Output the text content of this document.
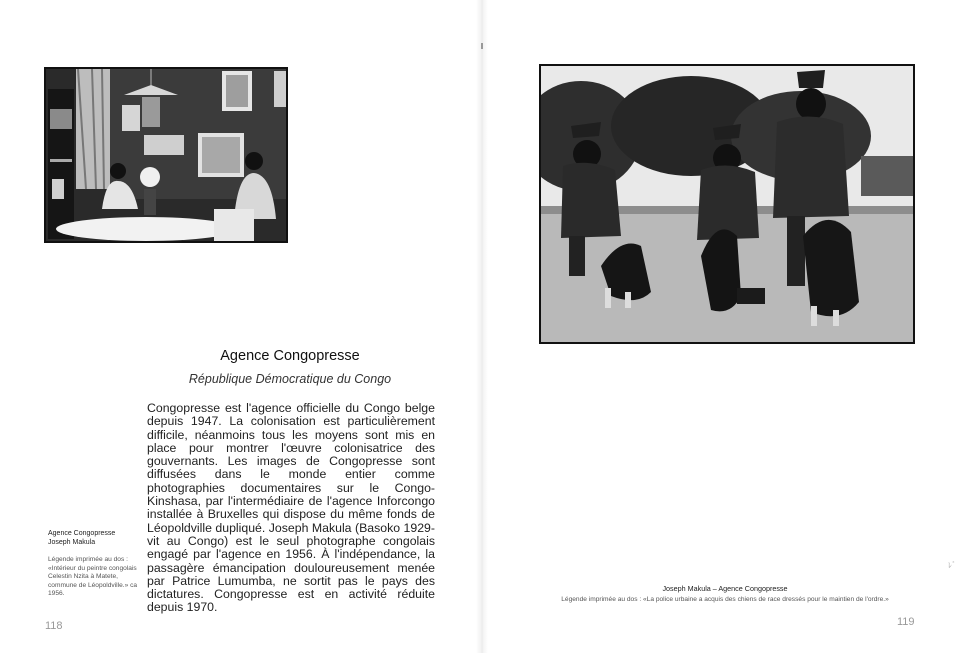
Agence Congopresse
République Démocratique du Congo

Congopresse est l'agence officielle du Congo belge depuis 1947. La colonisation est particulièrement difficile, néanmoins tous les moyens sont mis en place pour montrer l'œuvre colonisatrice des gouvernants. Les images de Congopresse sont diffusées dans le monde entier comme photographies documentaires sur le Congo-Kinshasa, par l'intermédiaire de l'agence Inforcongo installée à Bruxelles qui dispose du même fonds de Léopoldville dupliqué. Joseph Makula (Basoko 1929-vit au Congo) est le seul photographe congolais engagé par l'agence en 1956. À l'indépendance, la passagère émancipation douloureusement menée par Patrice Lumumba, ne sortit pas le pays des dictatures. Congopresse est en activité réduite depuis 1970.

Agence Congopresse
Joseph Makula
Légende imprimée au dos : «Intérieur du peintre congolais Celestin Nzita à Matete, commune de Léopoldville.» ca 1956.
118
Joseph Makula – Agence Congopresse
Légende imprimée au dos : «La police urbaine a acquis des chiens de race dressés pour le maintien de l'ordre.»
119
ﾚﾞ
